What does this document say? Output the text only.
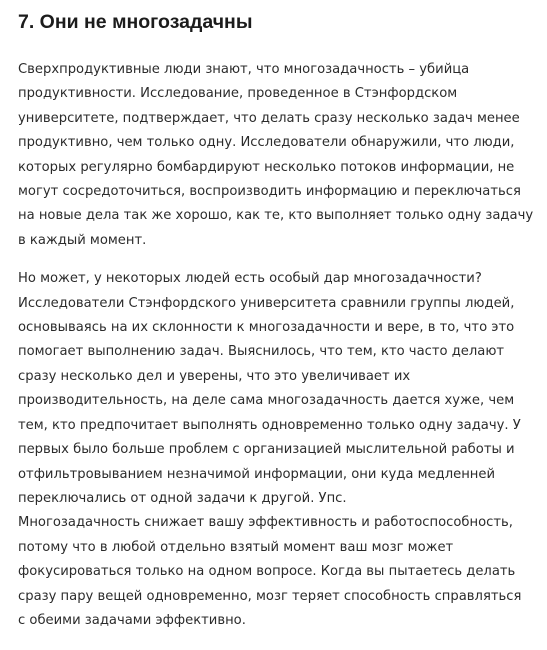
7. Они не многозадачны

Сверхпродуктивные люди знают, что многозадачность – убийца
продуктивности. Исследование, проведенное в Стэнфордском
университете, подтверждает, что делать сразу несколько задач менее
продуктивно, чем только одну. Исследователи обнаружили, что люди,
которых регулярно бомбардируют несколько потоков информации, не
могут сосредоточиться, воспроизводить информацию и переключаться
на новые дела так же хорошо, как те, кто выполняет только одну задачу
в каждый момент.

Но может, у некоторых людей есть особый дар многозадачности?
Исследователи Стэнфордского университета сравнили группы людей,
основываясь на их склонности к многозадачности и вере, в то, что это
помогает выполнению задач. Выяснилось, что тем, кто часто делают
сразу несколько дел и уверены, что это увеличивает их
производительность, на деле сама многозадачность дается хуже, чем
тем, кто предпочитает выполнять одновременно только одну задачу. У
первых было больше проблем с организацией мыслительной работы и
отфильтровыванием незначимой информации, они куда медленней
переключались от одной задачи к другой. Упс.
Многозадачность снижает вашу эффективность и работоспособность,
потому что в любой отдельно взятый момент ваш мозг может
фокусироваться только на одном вопросе. Когда вы пытаетесь делать
сразу пару вещей одновременно, мозг теряет способность справляться
с обеими задачами эффективно.
